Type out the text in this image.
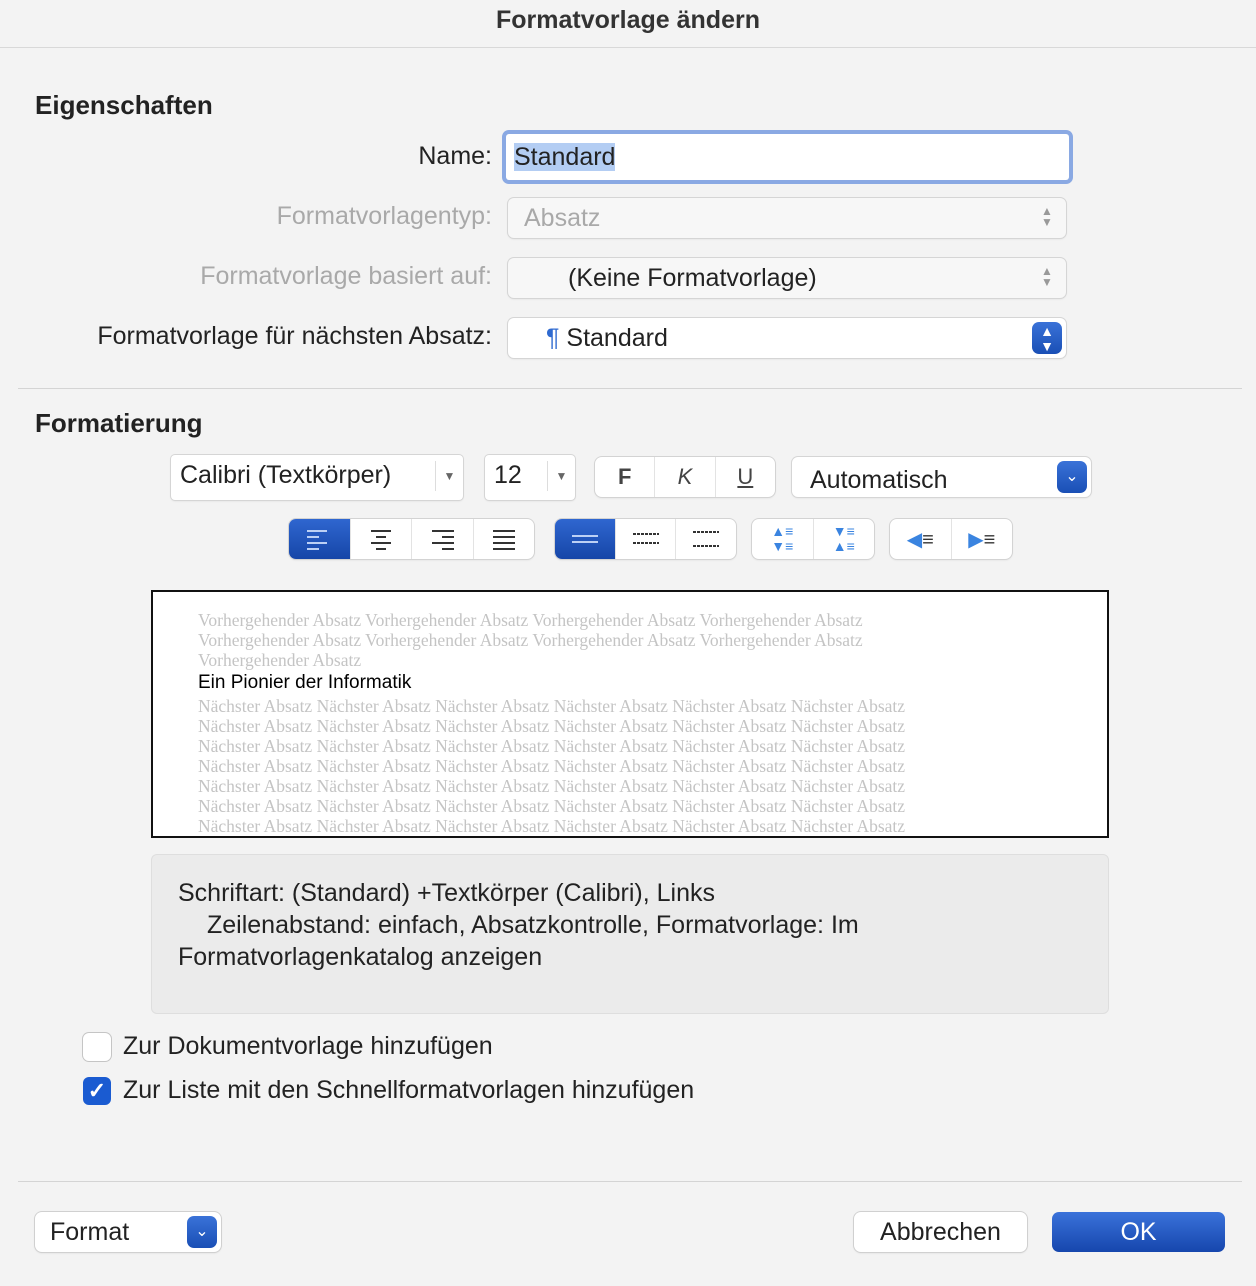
Formatvorlage ändern
Eigenschaften
Name: Standard
Formatvorlagentyp:	Absatz	▲
▼
Formatvorlage basiert auf:	(Keine Formatvorlage)	▲
▼
Formatvorlage für nächsten Absatz:	¶ Standard	▲
▼
Formatierung
Calibri (Textkörper)	▼	12	▼	F K U	Automatisch	⌄
▲≡
▼≡
▼≡
▲≡	◀≡ ▶≡
Vorhergehender Absatz Vorhergehender Absatz Vorhergehender Absatz Vorhergehender Absatz
Vorhergehender Absatz Vorhergehender Absatz Vorhergehender Absatz Vorhergehender Absatz
Vorhergehender Absatz
Ein Pionier der Informatik
Nächster Absatz Nächster Absatz Nächster Absatz Nächster Absatz Nächster Absatz Nächster Absatz
Nächster Absatz Nächster Absatz Nächster Absatz Nächster Absatz Nächster Absatz Nächster Absatz
Nächster Absatz Nächster Absatz Nächster Absatz Nächster Absatz Nächster Absatz Nächster Absatz
Nächster Absatz Nächster Absatz Nächster Absatz Nächster Absatz Nächster Absatz Nächster Absatz
Nächster Absatz Nächster Absatz Nächster Absatz Nächster Absatz Nächster Absatz Nächster Absatz
Nächster Absatz Nächster Absatz Nächster Absatz Nächster Absatz Nächster Absatz Nächster Absatz
Nächster Absatz Nächster Absatz Nächster Absatz Nächster Absatz Nächster Absatz Nächster Absatz
Schriftart: (Standard) +Textkörper (Calibri), Links
Zeilenabstand: einfach, Absatzkontrolle, Formatvorlage: Im
Formatvorlagenkatalog anzeigen
Zur Dokumentvorlage hinzufügen
✓ Zur Liste mit den Schnellformatvorlagen hinzufügen
Format	⌄	Abbrechen	OK
